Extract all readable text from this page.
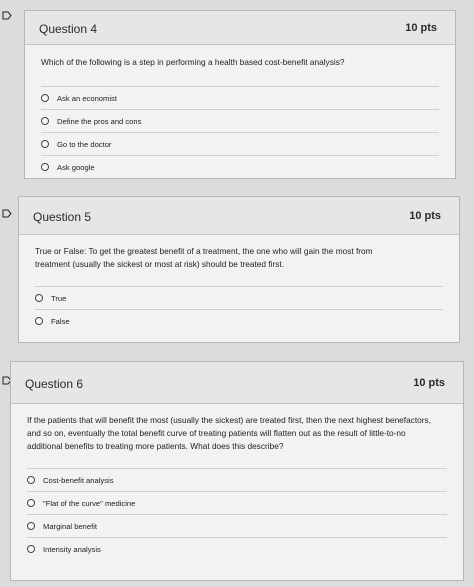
Question 4	10 pts
Which of the following is a step in performing a health based cost-benefit analysis?
Ask an economist
Define the pros and cons
Go to the doctor
Ask google
Question 5	10 pts
True or False: To get the greatest benefit of a treatment, the one who will gain the most from treatment (usually the sickest or most at risk) should be treated first.
True
False
Question 6	10 pts
If the patients that will benefit the most (usually the sickest) are treated first, then the next highest benefactors, and so on, eventually the total benefit curve of treating patients will flatten out as the result of little-to-no additional benefits to treating more patients. What does this describe?
Cost-benefit analysis
"Flat of the curve" medicine
Marginal benefit
Intensity analysis
